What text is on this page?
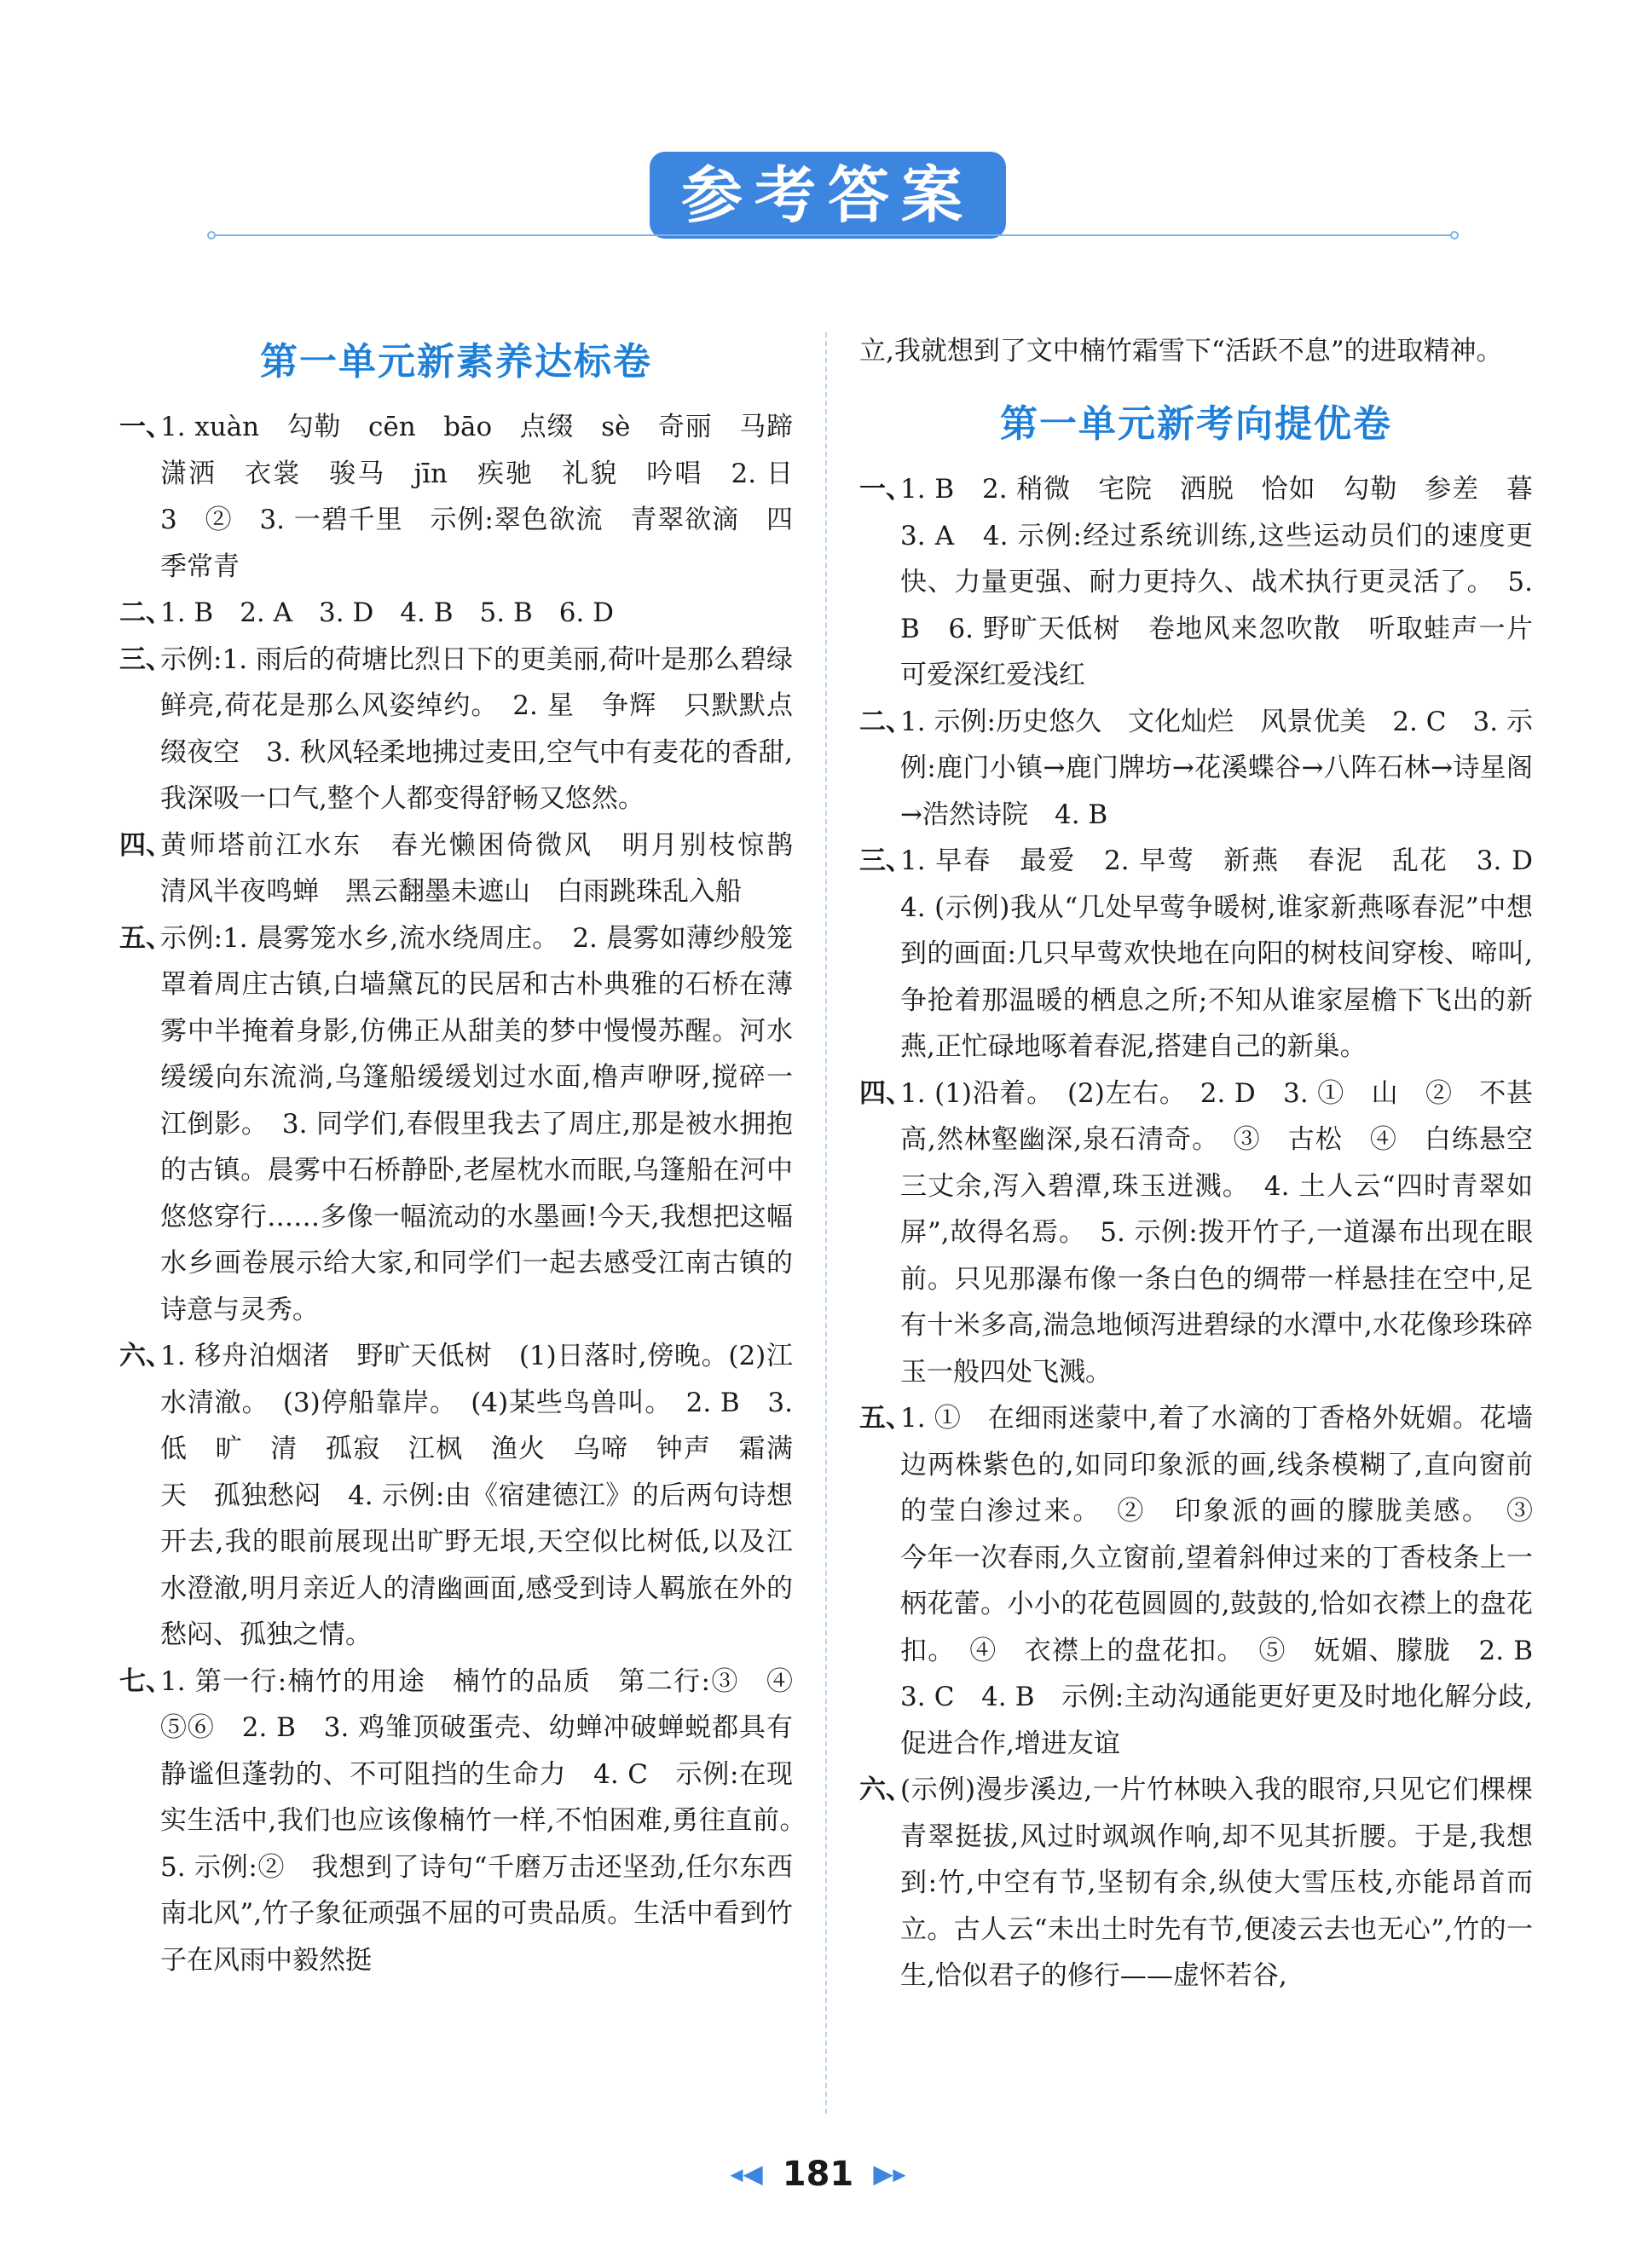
参考答案
第一单元新素养达标卷
一、
1. xuàn　勾勒　cēn　bāo　点缀　sè　奇丽　马蹄　潇洒　衣裳　骏马　jīn　疾驰　礼貌　吟唱　2. 日　3　②　3. 一碧千里　示例:翠色欲流　青翠欲滴　四季常青
二、
1. B　2. A　3. D　4. B　5. B　6. D
三、
示例:1. 雨后的荷塘比烈日下的更美丽,荷叶是那么碧绿鲜亮,荷花是那么风姿绰约。　2. 星　争辉　只默默点缀夜空　3. 秋风轻柔地拂过麦田,空气中有麦花的香甜,我深吸一口气,整个人都变得舒畅又悠然。
四、
黄师塔前江水东　春光懒困倚微风　明月别枝惊鹊　清风半夜鸣蝉　黑云翻墨未遮山　白雨跳珠乱入船
五、
示例:1. 晨雾笼水乡,流水绕周庄。　2. 晨雾如薄纱般笼罩着周庄古镇,白墙黛瓦的民居和古朴典雅的石桥在薄雾中半掩着身影,仿佛正从甜美的梦中慢慢苏醒。河水缓缓向东流淌,乌篷船缓缓划过水面,橹声咿呀,搅碎一江倒影。　3. 同学们,春假里我去了周庄,那是被水拥抱的古镇。晨雾中石桥静卧,老屋枕水而眠,乌篷船在河中悠悠穿行……多像一幅流动的水墨画!今天,我想把这幅水乡画卷展示给大家,和同学们一起去感受江南古镇的诗意与灵秀。
六、
1. 移舟泊烟渚　野旷天低树　(1)日落时,傍晚。(2)江水清澈。　(3)停船靠岸。　(4)某些鸟兽叫。　2. B　3. 低　旷　清　孤寂　江枫　渔火　乌啼　钟声　霜满天　孤独愁闷　4. 示例:由《宿建德江》的后两句诗想开去,我的眼前展现出旷野无垠,天空似比树低,以及江水澄澈,明月亲近人的清幽画面,感受到诗人羁旅在外的愁闷、孤独之情。
七、
1. 第一行:楠竹的用途　楠竹的品质　第二行:③　④　⑤⑥　2. B　3. 鸡雏顶破蛋壳、幼蝉冲破蝉蜕都具有静谧但蓬勃的、不可阻挡的生命力　4. C　示例:在现实生活中,我们也应该像楠竹一样,不怕困难,勇往直前。　5. 示例:②　我想到了诗句“千磨万击还坚劲,任尔东西南北风”,竹子象征顽强不屈的可贵品质。生活中看到竹子在风雨中毅然挺
立,我就想到了文中楠竹霜雪下“活跃不息”的进取精神。
第一单元新考向提优卷
一、
1. B　2. 稍微　宅院　洒脱　恰如　勾勒　参差　暮　3. A　4. 示例:经过系统训练,这些运动员们的速度更快、力量更强、耐力更持久、战术执行更灵活了。　5. B　6. 野旷天低树　卷地风来忽吹散　听取蛙声一片　可爱深红爱浅红
二、
1. 示例:历史悠久　文化灿烂　风景优美　2. C　3. 示例:鹿门小镇→鹿门牌坊→花溪蝶谷→八阵石林→诗星阁→浩然诗院　4. B
三、
1. 早春　最爱　2. 早莺　新燕　春泥　乱花　3. D　4. (示例)我从“几处早莺争暖树,谁家新燕啄春泥”中想到的画面:几只早莺欢快地在向阳的树枝间穿梭、啼叫,争抢着那温暖的栖息之所;不知从谁家屋檐下飞出的新燕,正忙碌地啄着春泥,搭建自己的新巢。
四、
1. (1)沿着。　(2)左右。　2. D　3. ①　山　②　不甚高,然林壑幽深,泉石清奇。　③　古松　④　白练悬空三丈余,泻入碧潭,珠玉迸溅。　4. 土人云“四时青翠如屏”,故得名焉。　5. 示例:拨开竹子,一道瀑布出现在眼前。只见那瀑布像一条白色的绸带一样悬挂在空中,足有十米多高,湍急地倾泻进碧绿的水潭中,水花像珍珠碎玉一般四处飞溅。
五、
1. ①　在细雨迷蒙中,着了水滴的丁香格外妩媚。花墙边两株紫色的,如同印象派的画,线条模糊了,直向窗前的莹白渗过来。　②　印象派的画的朦胧美感。　③　今年一次春雨,久立窗前,望着斜伸过来的丁香枝条上一柄花蕾。小小的花苞圆圆的,鼓鼓的,恰如衣襟上的盘花扣。　④　衣襟上的盘花扣。　⑤　妩媚、朦胧　2. B　3. C　4. B　示例:主动沟通能更好更及时地化解分歧,促进合作,增进友谊
六、
(示例)漫步溪边,一片竹林映入我的眼帘,只见它们棵棵青翠挺拔,风过时飒飒作响,却不见其折腰。于是,我想到:竹,中空有节,坚韧有余,纵使大雪压枝,亦能昂首而立。古人云“未出土时先有节,便凌云去也无心”,竹的一生,恰似君子的修行——虚怀若谷,
◂◀ 181 ▶▸
